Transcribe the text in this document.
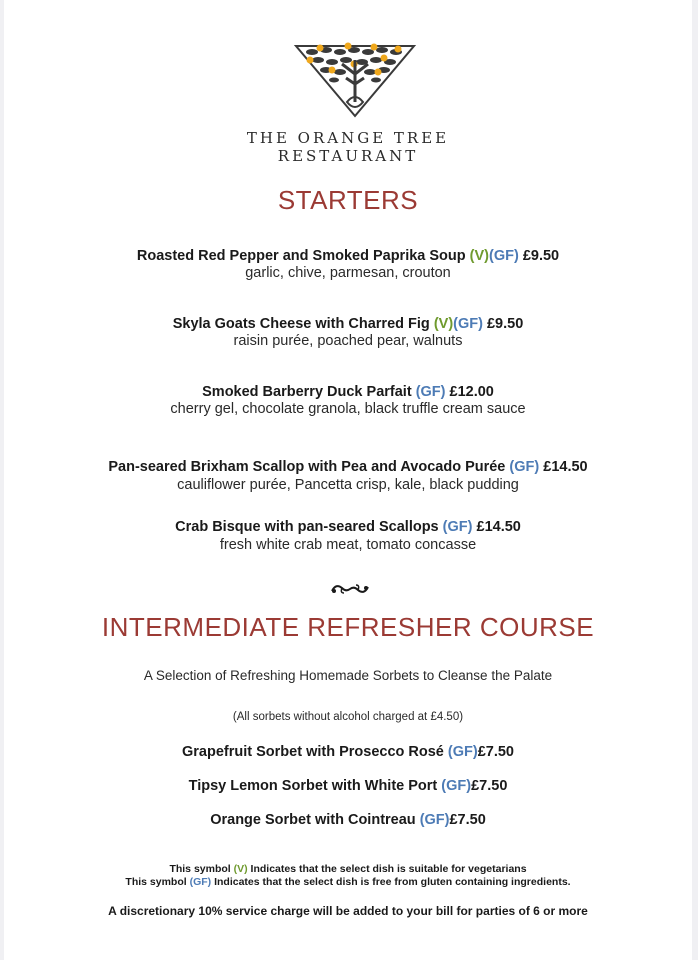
THE ORANGE TREE
RESTAURANT
STARTERS
Roasted Red Pepper and Smoked Paprika Soup (V)(GF) £9.50
garlic, chive, parmesan, crouton
Skyla Goats Cheese with Charred Fig (V)(GF) £9.50
raisin purée, poached pear, walnuts
Smoked Barberry Duck Parfait (GF) £12.00
cherry gel, chocolate granola, black truffle cream sauce
Pan-seared Brixham Scallop with Pea and Avocado Purée (GF) £14.50
cauliflower purée, Pancetta crisp, kale, black pudding
Crab Bisque with pan-seared Scallops (GF) £14.50
fresh white crab meat, tomato concasse
INTERMEDIATE REFRESHER COURSE
A Selection of Refreshing Homemade Sorbets to Cleanse the Palate
(All sorbets without alcohol charged at £4.50)
Grapefruit Sorbet with Prosecco Rosé (GF)£7.50
Tipsy Lemon Sorbet with White Port (GF)£7.50
Orange Sorbet with Cointreau (GF)£7.50
This symbol (V) Indicates that the select dish is suitable for vegetarians
This symbol (GF) Indicates that the select dish is free from gluten containing ingredients.
A discretionary 10% service charge will be added to your bill for parties of 6 or more
